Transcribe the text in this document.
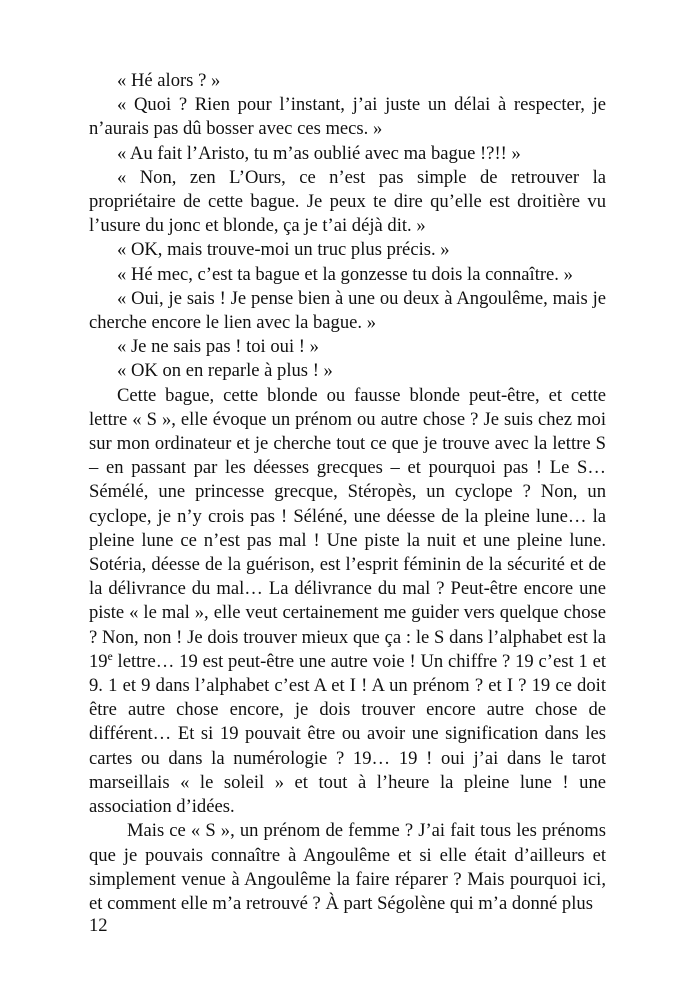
« Hé alors ? »

« Quoi ? Rien pour l’instant, j’ai juste un délai à respecter, je n’aurais pas dû bosser avec ces mecs. »

« Au fait l’Aristo, tu m’as oublié avec ma bague !?!! »

« Non, zen L’Ours, ce n’est pas simple de retrouver la propriétaire de cette bague. Je peux te dire qu’elle est droitière vu l’usure du jonc et blonde, ça je t’ai déjà dit. »

« OK, mais trouve-moi un truc plus précis. »

« Hé mec, c’est ta bague et la gonzesse tu dois la connaître. »

« Oui, je sais ! Je pense bien à une ou deux à Angoulême, mais je cherche encore le lien avec la bague. »

« Je ne sais pas ! toi oui ! »

« OK on en reparle à plus ! »

Cette bague, cette blonde ou fausse blonde peut-être, et cette lettre « S », elle évoque un prénom ou autre chose ? Je suis chez moi sur mon ordinateur et je cherche tout ce que je trouve avec la lettre S – en passant par les déesses grecques – et pourquoi pas ! Le S… Sémélé, une princesse grecque, Stéropès, un cyclope ? Non, un cyclope, je n’y crois pas ! Séléné, une déesse de la pleine lune… la pleine lune ce n’est pas mal ! Une piste la nuit et une pleine lune. Sotéria, déesse de la guérison, est l’esprit féminin de la sécurité et de la délivrance du mal… La délivrance du mal ? Peut-être encore une piste « le mal », elle veut certainement me guider vers quelque chose ? Non, non ! Je dois trouver mieux que ça : le S dans l’alphabet est la 19e lettre… 19 est peut-être une autre voie ! Un chiffre ? 19 c’est 1 et 9. 1 et 9 dans l’alphabet c’est A et I ! A un prénom ? et I ? 19 ce doit être autre chose encore, je dois trouver encore autre chose de différent… Et si 19 pouvait être ou avoir une signification dans les cartes ou dans la numérologie ? 19… 19 ! oui j’ai dans le tarot marseillais « le soleil » et tout à l’heure la pleine lune ! une association d’idées.

Mais ce « S », un prénom de femme ? J’ai fait tous les prénoms que je pouvais connaître à Angoulême et si elle était d’ailleurs et simplement venue à Angoulême la faire réparer ? Mais pourquoi ici, et comment elle m’a retrouvé ? À part Ségolène qui m’a donné plus

12
